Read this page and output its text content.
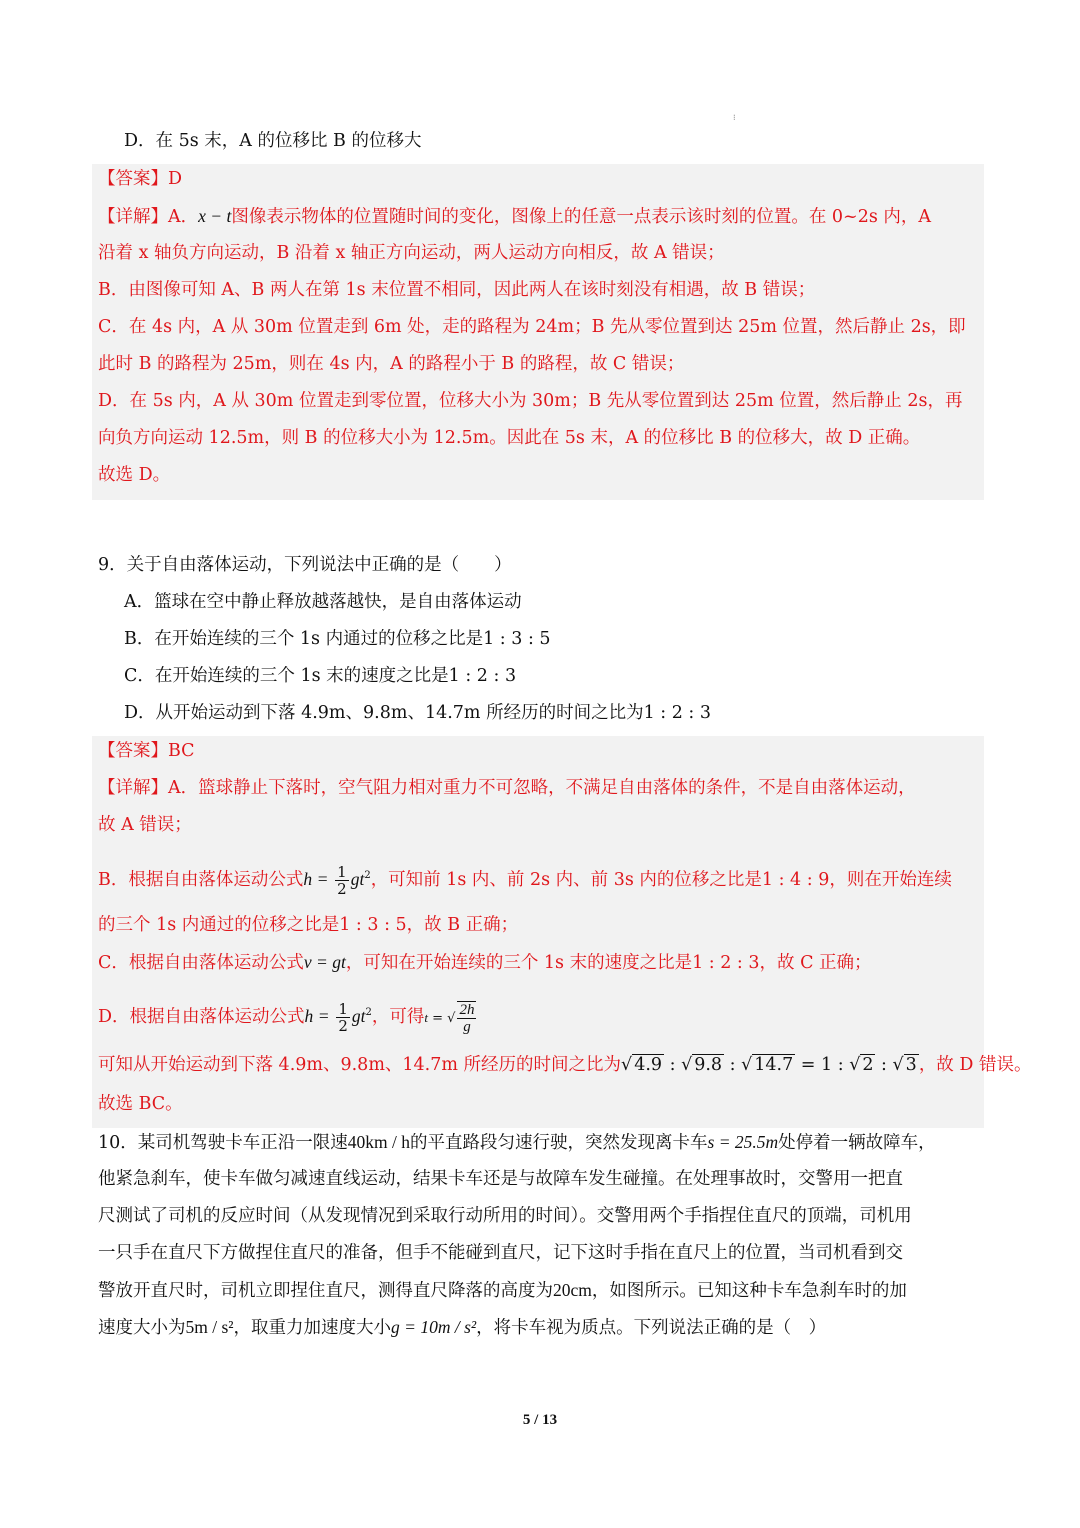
⁝
D．在 5s 末，A 的位移比 B 的位移大
【答案】D
【详解】A．x − t图像表示物体的位置随时间的变化，图像上的任意一点表示该时刻的位置。在 0~2s 内，A
沿着 x 轴负方向运动，B 沿着 x 轴正方向运动，两人运动方向相反，故 A 错误；
B．由图像可知 A、B 两人在第 1s 末位置不相同，因此两人在该时刻没有相遇，故 B 错误；
C．在 4s 内，A 从 30m 位置走到 6m 处，走的路程为 24m；B 先从零位置到达 25m 位置，然后静止 2s，即
此时 B 的路程为 25m，则在 4s 内，A 的路程小于 B 的路程，故 C 错误；
D．在 5s 内，A 从 30m 位置走到零位置，位移大小为 30m；B 先从零位置到达 25m 位置，然后静止 2s，再
向负方向运动 12.5m，则 B 的位移大小为 12.5m。因此在 5s 末，A 的位移比 B 的位移大，故 D 正确。
故选 D。
9．关于自由落体运动，下列说法中正确的是（　　）
A．篮球在空中静止释放越落越快，是自由落体运动
B．在开始连续的三个 1s 内通过的位移之比是1 : 3 : 5
C．在开始连续的三个 1s 末的速度之比是1 : 2 : 3
D．从开始运动到下落 4.9m、9.8m、14.7m 所经历的时间之比为1 : 2 : 3
【答案】BC
【详解】A．篮球静止下落时，空气阻力相对重力不可忽略，不满足自由落体的条件，不是自由落体运动，
故 A 错误；
B．根据自由落体运动公式$h = \frac{1}{2} gt^2$，可知前 1s 内、前 2s 内、前 3s 内的位移之比是1 : 4 : 9，则在开始连续
的三个 1s 内通过的位移之比是1 : 3 : 5，故 B 正确；
C．根据自由落体运动公式v = gt，可知在开始连续的三个 1s 末的速度之比是1 : 2 : 3，故 C 正确；
D．根据自由落体运动公式$h = \frac{1}{2} gt^2$，可得t = √ $\frac{2h}{g}$
可知从开始运动到下落 4.9m、9.8m、14.7m 所经历的时间之比为√ 4.9 : √ 9.8 : √ 14.7 = 1 : √ 2 : √ 3 ，故 D 错误。
故选 BC。
10．某司机驾驶卡车正沿一限速40km / h的平直路段匀速行驶，突然发现离卡车s = 25.5m处停着一辆故障车，
他紧急刹车，使卡车做匀减速直线运动，结果卡车还是与故障车发生碰撞。在处理事故时，交警用一把直
尺测试了司机的反应时间（从发现情况到采取行动所用的时间）。交警用两个手指捏住直尺的顶端，司机用
一只手在直尺下方做捏住直尺的准备，但手不能碰到直尺，记下这时手指在直尺上的位置，当司机看到交
警放开直尺时，司机立即捏住直尺，测得直尺降落的高度为20cm，如图所示。已知这种卡车急刹车时的加
速度大小为5m / s²，取重力加速度大小g = 10m / s²，将卡车视为质点。下列说法正确的是（　）
5 / 13
